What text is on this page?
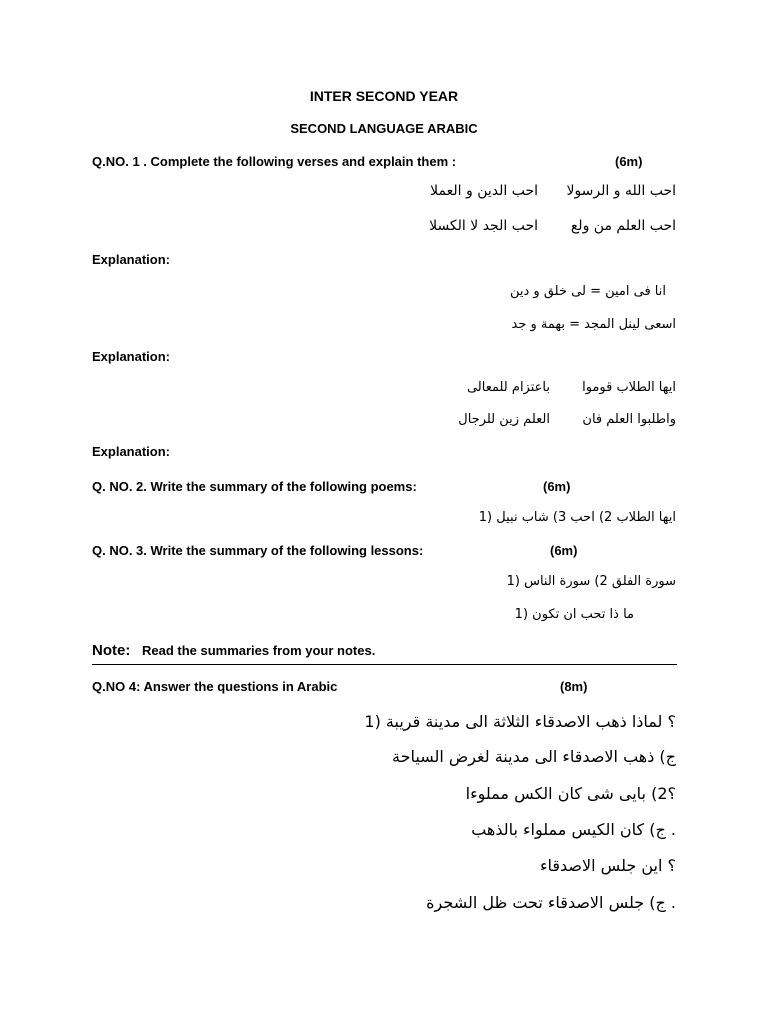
INTER SECOND YEAR
SECOND LANGUAGE ARABIC
Q.NO. 1 . Complete the following verses and explain them :	(6m)
احب الله و الرسولا
احب الدين و العملا
احب العلم من ولع
احب الجد لا الكسلا
Explanation:
انا فى امين = لى خلق و دين
اسعى لينل المجد = بهمة و جد
Explanation:
ايها الطلاب قوموا
باعتزام للمعالى
واطلبوا العلم فان
العلم زين للرجال
Explanation:
Q. NO. 2. Write the summary of the following poems:	(6m)
ايها الطلاب 2) احب 3) شاب نبيل (1
Q. NO. 3. Write the summary of the following lessons:	(6m)
سورة الفلق 2) سورة الناس (1
ما ذا تحب ان تكون (1
Note: Read the summaries from your notes.
Q.NO 4: Answer the questions in Arabic	(8m)
؟ لماذا ذهب الاصدقاء الثلاثة الى مدينة قريبة (1
ج) ذهب الاصدقاء الى مدينة لغرض السياحة
؟2) بايى شى كان الكس مملوءا
. ج) كان الكيس مملواء بالذهب
؟ اين جلس الاصدقاء
. ج) جلس الاصدقاء تحت ظل الشجرة
